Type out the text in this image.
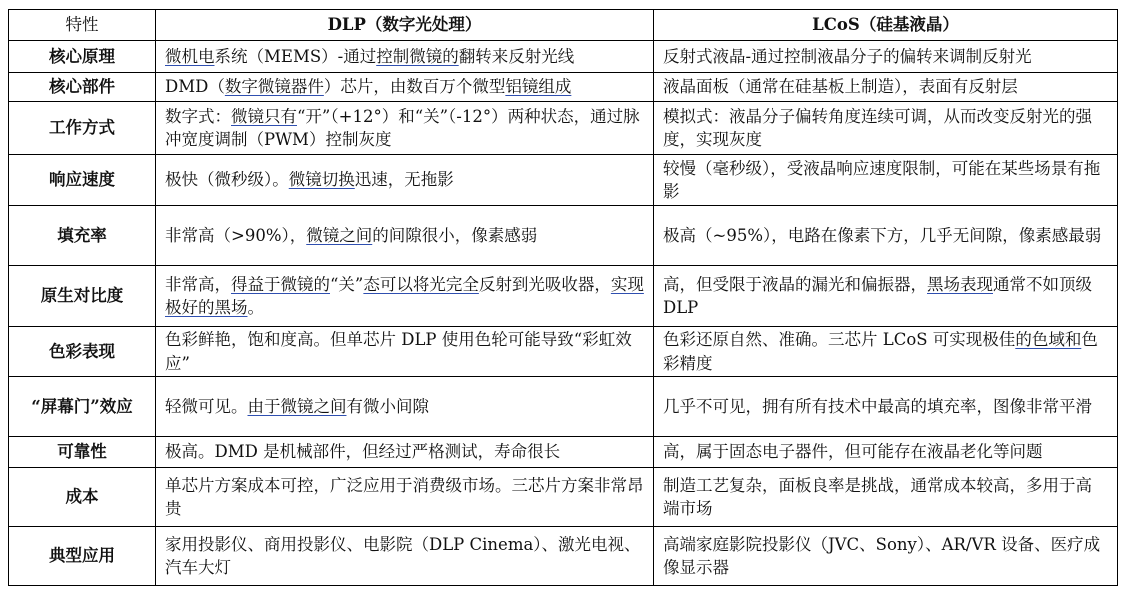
特性	DLP（数字光处理）	LCoS（硅基液晶）
核心原理	微机电系统（MEMS）-通过控制微镜的翻转来反射光线	反射式液晶-通过控制液晶分子的偏转来调制反射光
核心部件	DMD（数字微镜器件）芯片，由数百万个微型铝镜组成	液晶面板（通常在硅基板上制造），表面有反射层
工作方式	数字式：微镜只有“开”（+12°）和“关”（-12°）两种状态，通过脉冲宽度调制（PWM）控制灰度	模拟式：液晶分子偏转角度连续可调，从而改变反射光的强度，实现灰度
响应速度	极快（微秒级）。微镜切换迅速，无拖影	较慢（毫秒级），受液晶响应速度限制，可能在某些场景有拖影
填充率	非常高（>90%），微镜之间的间隙很小，像素感弱	极高（~95%），电路在像素下方，几乎无间隙，像素感最弱
原生对比度	非常高，得益于微镜的“关”态可以将光完全反射到光吸收器，实现极好的黑场。	高，但受限于液晶的漏光和偏振器，黑场表现通常不如顶级 DLP
色彩表现	色彩鲜艳，饱和度高。但单芯片 DLP 使用色轮可能导致“彩虹效应”	色彩还原自然、准确。三芯片 LCoS 可实现极佳的色域和色彩精度
“屏幕门”效应	轻微可见。由于微镜之间有微小间隙	几乎不可见，拥有所有技术中最高的填充率，图像非常平滑
可靠性	极高。DMD 是机械部件，但经过严格测试，寿命很长	高，属于固态电子器件，但可能存在液晶老化等问题
成本	单芯片方案成本可控，广泛应用于消费级市场。三芯片方案非常昂贵	制造工艺复杂，面板良率是挑战，通常成本较高，多用于高端市场
典型应用	家用投影仪、商用投影仪、电影院（DLP Cinema）、激光电视、汽车大灯	高端家庭影院投影仪（JVC、Sony）、AR/VR 设备、医疗成像显示器
